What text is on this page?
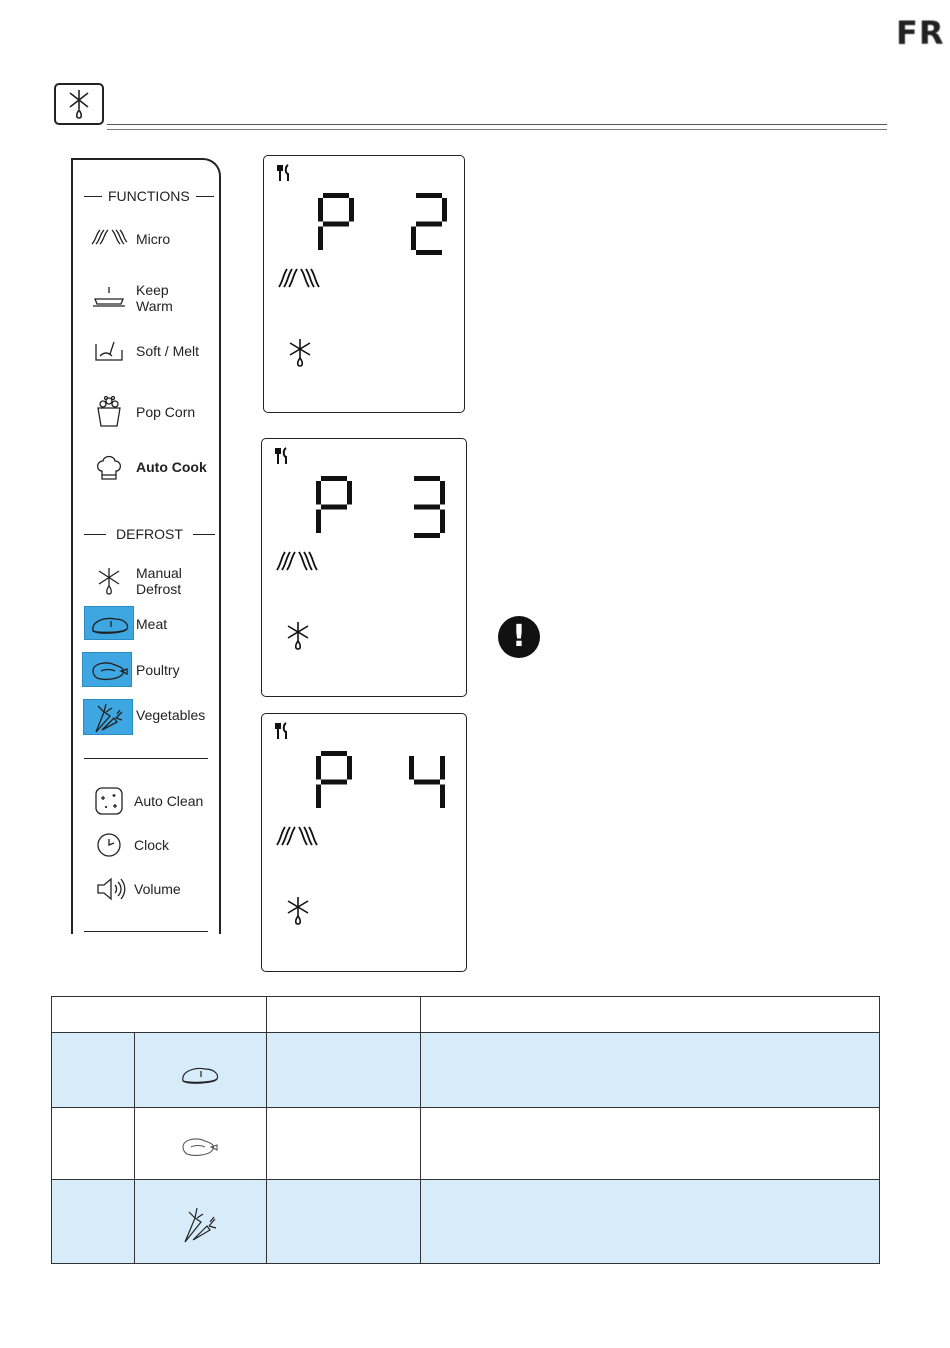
FR
FUNCTIONS
Micro
Keep Warm
Soft / Melt
Pop Corn
Auto Cook
DEFROST
Manual Defrost
Meat
Poultry
Vegetables
Auto Clean
Clock
Volume
!
